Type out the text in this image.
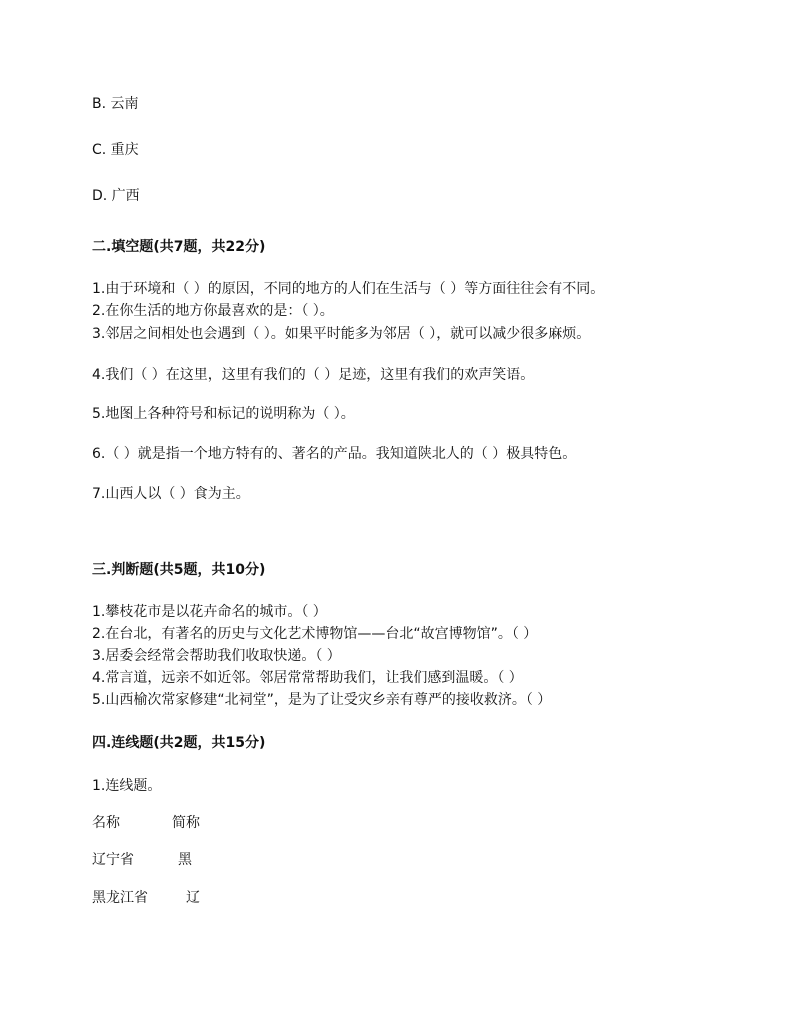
B. 云南
C. 重庆
D. 广西
二.填空题(共7题，共22分)
1.由于环境和（ ）的原因，不同的地方的人们在生活与（ ）等方面往往会有不同。
2.在你生活的地方你最喜欢的是：（ ）。
3.邻居之间相处也会遇到（ ）。如果平时能多为邻居（ ），就可以减少很多麻烦。
4.我们（ ）在这里，这里有我们的（ ）足迹，这里有我们的欢声笑语。
5.地图上各种符号和标记的说明称为（ ）。
6.（ ）就是指一个地方特有的、著名的产品。我知道陕北人的（ ）极具特色。
7.山西人以（ ）食为主。
三.判断题(共5题，共10分)
1.攀枝花市是以花卉命名的城市。（ ）
2.在台北，有著名的历史与文化艺术博物馆——台北“故宫博物馆”。（ ）
3.居委会经常会帮助我们收取快递。（ ）
4.常言道，远亲不如近邻。邻居常常帮助我们，让我们感到温暖。（ ）
5.山西榆次常家修建“北祠堂”，是为了让受灾乡亲有尊严的接收救济。（ ）
四.连线题(共2题，共15分)
1.连线题。
名称	简称
辽宁省	黑
黑龙江省	辽
